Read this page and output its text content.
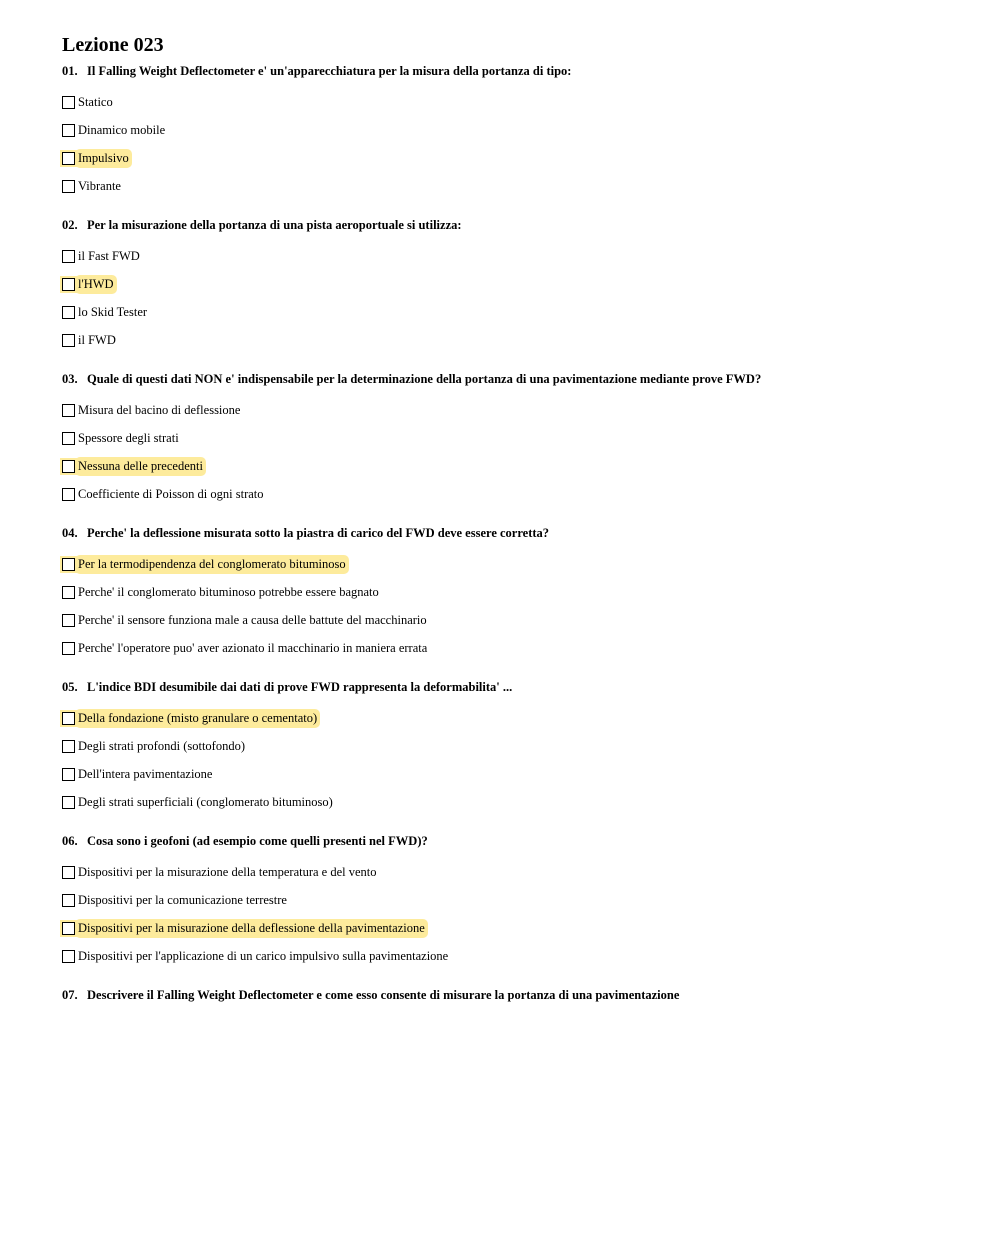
Lezione 023
01. Il Falling Weight Deflectometer e' un'apparecchiatura per la misura della portanza di tipo:
Statico
Dinamico mobile
Impulsivo
Vibrante
02. Per la misurazione della portanza di una pista aeroportuale si utilizza:
il Fast FWD
l'HWD
lo Skid Tester
il FWD
03. Quale di questi dati NON e' indispensabile per la determinazione della portanza di una pavimentazione mediante prove FWD?
Misura del bacino di deflessione
Spessore degli strati
Nessuna delle precedenti
Coefficiente di Poisson di ogni strato
04. Perche' la deflessione misurata sotto la piastra di carico del FWD deve essere corretta?
Per la termodipendenza del conglomerato bituminoso
Perche' il conglomerato bituminoso potrebbe essere bagnato
Perche' il sensore funziona male a causa delle battute del macchinario
Perche' l'operatore puo' aver azionato il macchinario in maniera errata
05. L'indice BDI desumibile dai dati di prove FWD rappresenta la deformabilita' ...
Della fondazione (misto granulare o cementato)
Degli strati profondi (sottofondo)
Dell'intera pavimentazione
Degli strati superficiali (conglomerato bituminoso)
06. Cosa sono i geofoni (ad esempio come quelli presenti nel FWD)?
Dispositivi per la misurazione della temperatura e del vento
Dispositivi per la comunicazione terrestre
Dispositivi per la misurazione della deflessione della pavimentazione
Dispositivi per l'applicazione di un carico impulsivo sulla pavimentazione
07. Descrivere il Falling Weight Deflectometer e come esso consente di misurare la portanza di una pavimentazione
